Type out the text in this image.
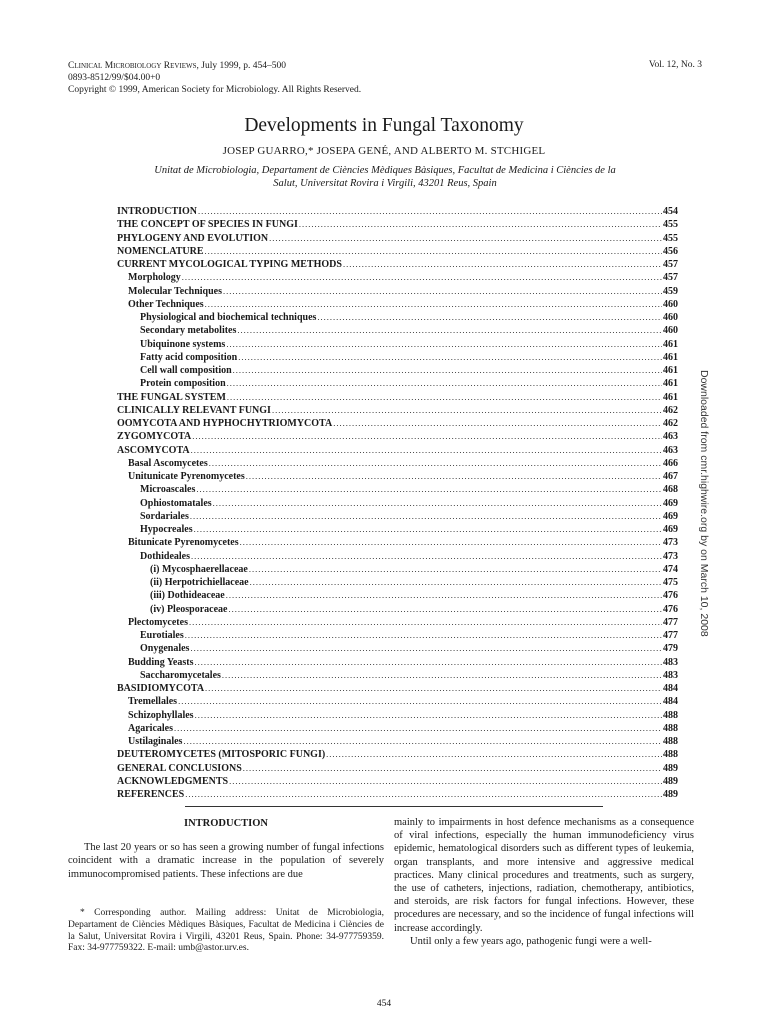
Clinical Microbiology Reviews, July 1999, p. 454–500
0893-8512/99/$04.00+0
Copyright © 1999, American Society for Microbiology. All Rights Reserved.
Vol. 12, No. 3
Developments in Fungal Taxonomy
JOSEP GUARRO,* JOSEPA GENÉ, AND ALBERTO M. STCHIGEL
Unitat de Microbiologia, Departament de Ciències Mèdiques Bàsiques, Facultat de Medicina i Ciències de la Salut, Universitat Rovira i Virgili, 43201 Reus, Spain
INTRODUCTION .....	454
THE CONCEPT OF SPECIES IN FUNGI .....	455
PHYLOGENY AND EVOLUTION .....	455
NOMENCLATURE .....	456
CURRENT MYCOLOGICAL TYPING METHODS .....	457
Morphology .....	457
Molecular Techniques .....	459
Other Techniques .....	460
Physiological and biochemical techniques .....	460
Secondary metabolites .....	460
Ubiquinone systems .....	461
Fatty acid composition .....	461
Cell wall composition .....	461
Protein composition .....	461
THE FUNGAL SYSTEM .....	461
CLINICALLY RELEVANT FUNGI .....	462
OOMYCOTA AND HYPHOCHYTRIOMYCOTA .....	462
ZYGOMYCOTA .....	463
ASCOMYCOTA .....	463
Basal Ascomycetes .....	466
Unitunicate Pyrenomycetes .....	467
Microascales .....	468
Ophiostomatales .....	469
Sordariales .....	469
Hypocreales .....	469
Bitunicate Pyrenomycetes .....	473
Dothideales .....	473
(i) Mycosphaerellaceae .....	474
(ii) Herpotrichiellaceae .....	475
(iii) Dothideaceae .....	476
(iv) Pleosporaceae .....	476
Plectomycetes .....	477
Eurotiales .....	477
Onygenales .....	479
Budding Yeasts .....	483
Saccharomycetales .....	483
BASIDIOMYCOTA .....	484
Tremellales .....	484
Schizophyllales .....	488
Agaricales .....	488
Ustilaginales .....	488
DEUTEROMYCETES (MITOSPORIC FUNGI) .....	488
GENERAL CONCLUSIONS .....	489
ACKNOWLEDGMENTS .....	489
REFERENCES .....	489
Downloaded from cmr.highwire.org by on March 10, 2008
INTRODUCTION

The last 20 years or so has seen a growing number of fungal infections coincident with a dramatic increase in the population of severely immunocompromised patients. These infections are due

mainly to impairments in host defence mechanisms as a consequence of viral infections, especially the human immunodeficiency virus epidemic, hematological disorders such as different types of leukemia, organ transplants, and more intensive and aggressive medical practices. Many clinical procedures and treatments, such as surgery, the use of catheters, injections, radiation, chemotherapy, antibiotics, and steroids, are risk factors for fungal infections. However, these procedures are necessary, and so the incidence of fungal infections will increase accordingly.

Until only a few years ago, pathogenic fungi were a well-

* Corresponding author. Mailing address: Unitat de Microbiologia, Departament de Ciències Mèdiques Bàsiques, Facultat de Medicina i Ciències de la Salut, Universitat Rovira i Virgili, 43201 Reus, Spain. Phone: 34-977759359. Fax: 34-977759322. E-mail: umb@astor.urv.es.
454
